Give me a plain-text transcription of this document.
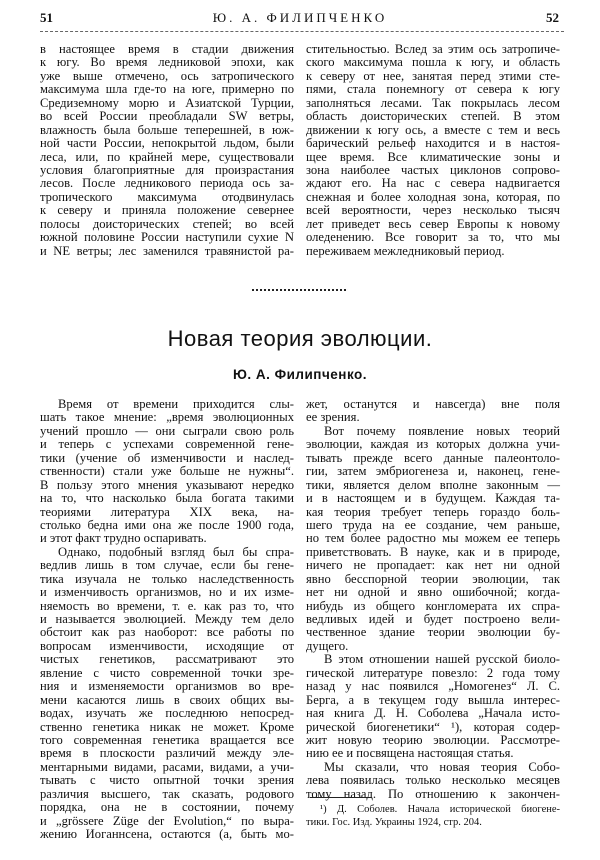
51	Ю. А. ФИЛИПЧЕНКО	52
в настоящее время в стадии движения
к югу. Во время ледниковой эпохи, как
уже выше отмечено, ось затропического
максимума шла где-то на юге, примерно по
Средиземному морю и Азиатской Турции,
во всей России преобладали SW ветры,
влажность была больше теперешней, в юж-
ной части России, непокрытой льдом, были
леса, или, по крайней мере, существовали
условия благоприятные для произрастания
лесов. После ледникового периода ось за-
тропического максимума отодвинулась
к северу и приняла положение севернее
полосы доисторических степей; во всей
южной половине России наступили сухие N
и NE ветры; лес заменился травянистой ра-
стительностью. Вслед за этим ось затропиче-
ского максимума пошла к югу, и область
к северу от нее, занятая перед этими сте-
пями, стала понемногу от севера к югу
заполняться лесами. Так покрылась лесом
область доисторических степей. В этом
движении к югу ось, а вместе с тем и весь
барический рельеф находится и в настоя-
щее время. Все климатические зоны и
зона наиболее частых циклонов сопрово-
ждают его. На нас с севера надвигается
снежная и более холодная зона, которая, по
всей вероятности, через несколько тысяч
лет приведет весь север Европы к новому
оледенению. Все говорит за то, что мы
переживаем межледниковый период.
Новая теория эволюции.
Ю. А. Филипченко.
Время от времени приходится слы-
шать такое мнение: „время эволюционных
учений прошло — они сыграли свою роль
и теперь с успехами современной гене-
тики (учение об изменчивости и наслед-
ственности) стали уже больше не нужны“.
В пользу этого мнения указывают нередко
на то, что насколько была богата такими
теориями литература XIX века, на-
столько бедна ими она же после 1900 года,
и этот факт трудно оспаривать.
Однако, подобный взгляд был бы спра-
ведлив лишь в том случае, если бы гене-
тика изучала не только наследственность
и изменчивость организмов, но и их изме-
няемость во времени, т. е. как раз то, что
и называется эволюцией. Между тем дело
обстоит как раз наоборот: все работы по
вопросам изменчивости, исходящие от
чистых генетиков, рассматривают это
явление с чисто современной точки зре-
ния и изменяемости организмов во вре-
мени касаются лишь в своих общих вы-
водах, изучать же последнюю непосред-
ственно генетика никак не может. Кроме
того современная генетика вращается все
время в плоскости различий между эле-
ментарными видами, расами, видами, а учи-
тывать с чисто опытной точки зрения
различия высшего, так сказать, родового
порядка, она не в состоянии, почему
и „grössere Züge der Evolution,“ по выра-
жению Иоганнсена, остаются (а, быть мо-
жет, останутся и навсегда) вне поля
ее зрения.
Вот почему появление новых теорий
эволюции, каждая из которых должна учи-
тывать прежде всего данные палеонтоло-
гии, затем эмбриогенеза и, наконец, гене-
тики, является делом вполне законным —
и в настоящем и в будущем. Каждая та-
кая теория требует теперь гораздо боль-
шего труда на ее создание, чем раньше,
но тем более радостно мы можем ее теперь
приветствовать. В науке, как и в природе,
ничего не пропадает: как нет ни одной
явно бесспорной теории эволюции, так
нет ни одной и явно ошибочной; когда-
нибудь из общего конгломерата их спра-
ведливых идей и будет построено вели-
чественное здание теории эволюции бу-
дущего.
В этом отношении нашей русской биоло-
гической литературе повезло: 2 года тому
назад у нас появился „Номогенез“ Л. С.
Берга, а в текущем году вышла интерес-
ная книга Д. Н. Соболева „Начала исто-
рической биогенетики“ ¹), которая содер-
жит новую теорию эволюции. Рассмотре-
нию ее и посвящена настоящая статья.
Мы сказали, что новая теория Собо-
лева появилась только несколько месяцев
тому назад. По отношению к закончен-
¹) Д. Соболев. Начала исторической биогене-
тики. Гос. Изд. Украины 1924, стр. 204.
